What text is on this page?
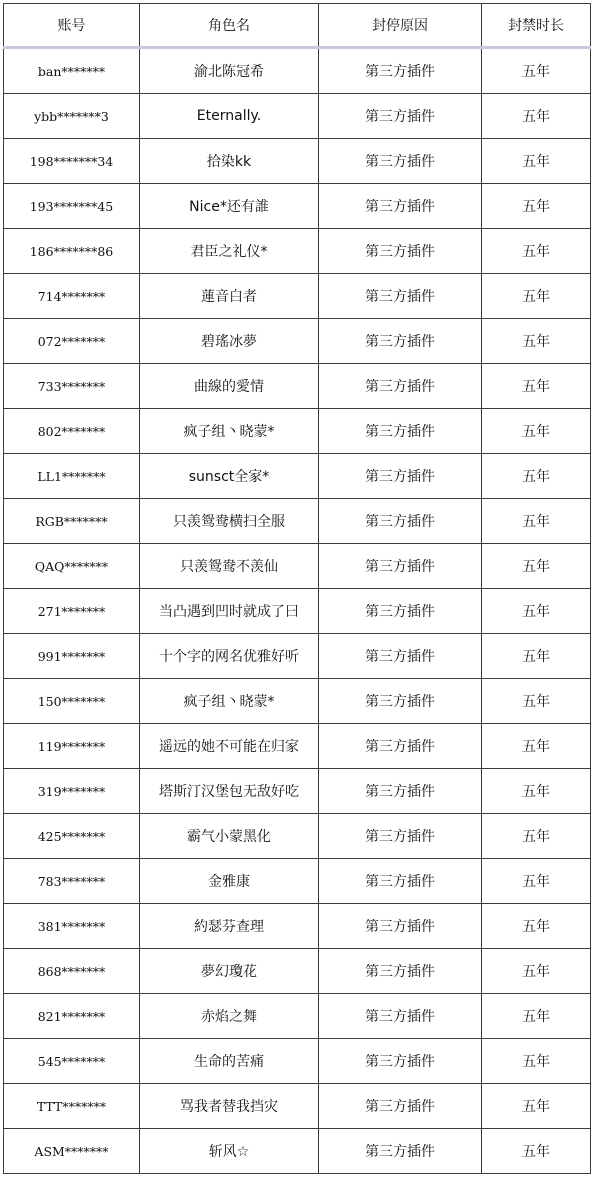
账号	角色名	封停原因	封禁时长
ban*******	渝北陈冠希	第三方插件	五年
ybb*******3	Eternally.	第三方插件	五年
198*******34	拾染kk	第三方插件	五年
193*******45	Nice*还有誰	第三方插件	五年
186*******86	君臣之礼仪*	第三方插件	五年
714*******	蓮音白者	第三方插件	五年
072*******	碧瑤冰夢	第三方插件	五年
733*******	曲線的愛情	第三方插件	五年
802*******	疯子组丶晓蒙*	第三方插件	五年
LL1*******	sunsct全家*	第三方插件	五年
RGB*******	只羡鸳鸯横扫全服	第三方插件	五年
QAQ*******	只羡鸳鸯不羡仙	第三方插件	五年
271*******	当凸遇到凹时就成了曰	第三方插件	五年
991*******	十个字的网名优雅好听	第三方插件	五年
150*******	疯子组丶晓蒙*	第三方插件	五年
119*******	遥远的她不可能在归家	第三方插件	五年
319*******	塔斯汀汉堡包无敌好吃	第三方插件	五年
425*******	霸气小蒙黑化	第三方插件	五年
783*******	金雅康	第三方插件	五年
381*******	約瑟芬查理	第三方插件	五年
868*******	夢幻瓊花	第三方插件	五年
821*******	赤焰之舞	第三方插件	五年
545*******	生命的苦痛	第三方插件	五年
TTT*******	骂我者替我挡灾	第三方插件	五年
ASM*******	斩风☆	第三方插件	五年
